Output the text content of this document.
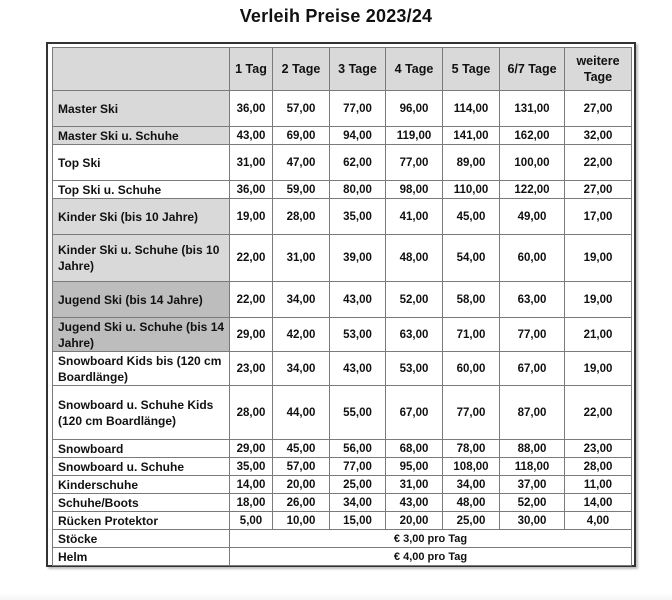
Verleih Preise 2023/24
	1 Tag	2 Tage	3 Tage	4 Tage	5 Tage	6/7 Tage	weitere Tage
Master Ski	36,00	57,00	77,00	96,00	114,00	131,00	27,00
Master Ski u. Schuhe	43,00	69,00	94,00	119,00	141,00	162,00	32,00
Top Ski	31,00	47,00	62,00	77,00	89,00	100,00	22,00
Top Ski u. Schuhe	36,00	59,00	80,00	98,00	110,00	122,00	27,00
Kinder Ski (bis 10 Jahre)	19,00	28,00	35,00	41,00	45,00	49,00	17,00
Kinder Ski u. Schuhe (bis 10 Jahre)	22,00	31,00	39,00	48,00	54,00	60,00	19,00
Jugend Ski (bis 14 Jahre)	22,00	34,00	43,00	52,00	58,00	63,00	19,00
Jugend Ski u. Schuhe (bis 14 Jahre)	29,00	42,00	53,00	63,00	71,00	77,00	21,00
Snowboard Kids bis (120 cm Boardlänge)	23,00	34,00	43,00	53,00	60,00	67,00	19,00
Snowboard u. Schuhe Kids (120 cm Boardlänge)	28,00	44,00	55,00	67,00	77,00	87,00	22,00
Snowboard	29,00	45,00	56,00	68,00	78,00	88,00	23,00
Snowboard u. Schuhe	35,00	57,00	77,00	95,00	108,00	118,00	28,00
Kinderschuhe	14,00	20,00	25,00	31,00	34,00	37,00	11,00
Schuhe/Boots	18,00	26,00	34,00	43,00	48,00	52,00	14,00
Rücken Protektor	5,00	10,00	15,00	20,00	25,00	30,00	4,00
Stöcke	€ 3,00 pro Tag						
Helm	€ 4,00 pro Tag						
